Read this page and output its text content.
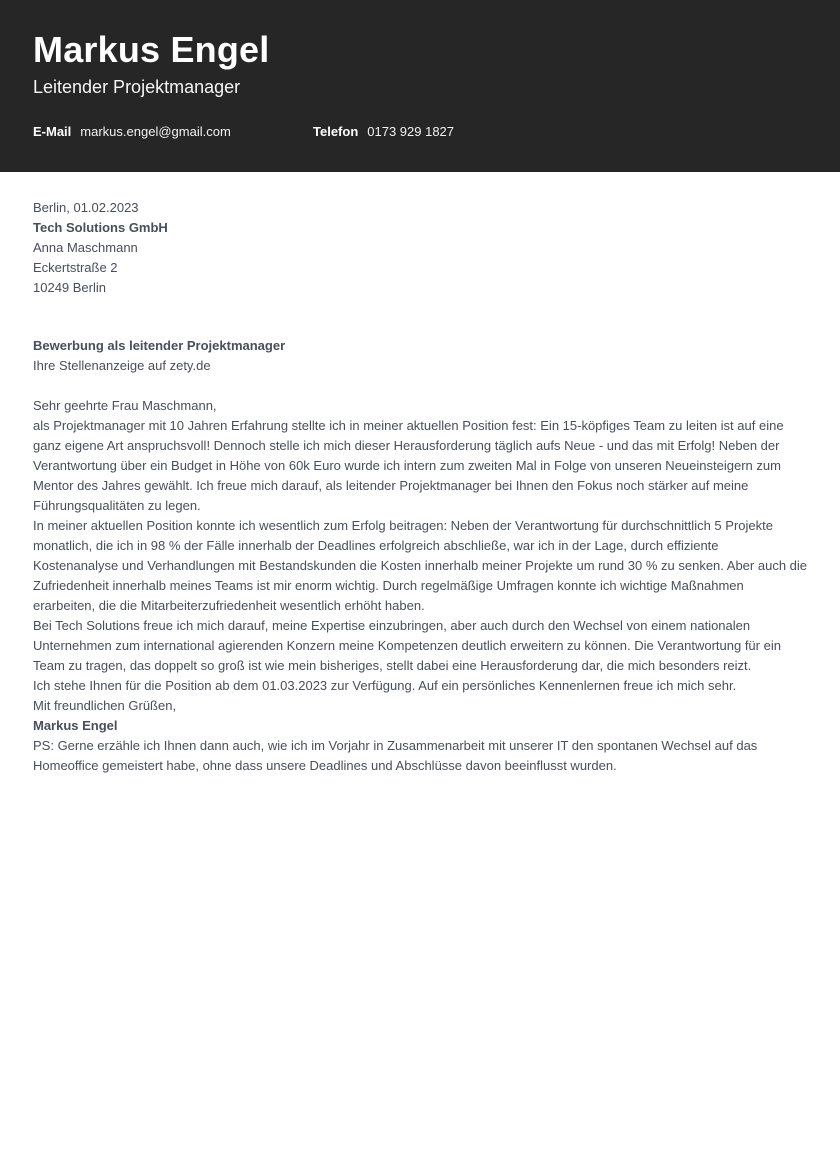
Markus Engel
Leitender Projektmanager
E-Mail markus.engel@gmail.com	Telefon 0173 929 1827

Berlin, 01.02.2023

Tech Solutions GmbH

Anna Maschmann

Eckertstraße 2

10249 Berlin

Bewerbung als leitender Projektmanager

Ihre Stellenanzeige auf zety.de

Sehr geehrte Frau Maschmann,

als Projektmanager mit 10 Jahren Erfahrung stellte ich in meiner aktuellen Position fest: Ein 15-köpfiges Team zu leiten ist auf eine ganz eigene Art anspruchsvoll! Dennoch stelle ich mich dieser Herausforderung täglich aufs Neue - und das mit Erfolg! Neben der Verantwortung über ein Budget in Höhe von 60k Euro wurde ich intern zum zweiten Mal in Folge von unseren Neueinsteigern zum Mentor des Jahres gewählt. Ich freue mich darauf, als leitender Projektmanager bei Ihnen den Fokus noch stärker auf meine Führungsqualitäten zu legen.

In meiner aktuellen Position konnte ich wesentlich zum Erfolg beitragen: Neben der Verantwortung für durchschnittlich 5 Projekte monatlich, die ich in 98 % der Fälle innerhalb der Deadlines erfolgreich abschließe, war ich in der Lage, durch effiziente Kostenanalyse und Verhandlungen mit Bestandskunden die Kosten innerhalb meiner Projekte um rund 30 % zu senken. Aber auch die Zufriedenheit innerhalb meines Teams ist mir enorm wichtig. Durch regelmäßige Umfragen konnte ich wichtige Maßnahmen erarbeiten, die die Mitarbeiterzufriedenheit wesentlich erhöht haben.

Bei Tech Solutions freue ich mich darauf, meine Expertise einzubringen, aber auch durch den Wechsel von einem nationalen Unternehmen zum international agierenden Konzern meine Kompetenzen deutlich erweitern zu können. Die Verantwortung für ein Team zu tragen, das doppelt so groß ist wie mein bisheriges, stellt dabei eine Herausforderung dar, die mich besonders reizt.

Ich stehe Ihnen für die Position ab dem 01.03.2023 zur Verfügung. Auf ein persönliches Kennenlernen freue ich mich sehr.

Mit freundlichen Grüßen,

Markus Engel

PS: Gerne erzähle ich Ihnen dann auch, wie ich im Vorjahr in Zusammenarbeit mit unserer IT den spontanen Wechsel auf das Homeoffice gemeistert habe, ohne dass unsere Deadlines und Abschlüsse davon beeinflusst wurden.
